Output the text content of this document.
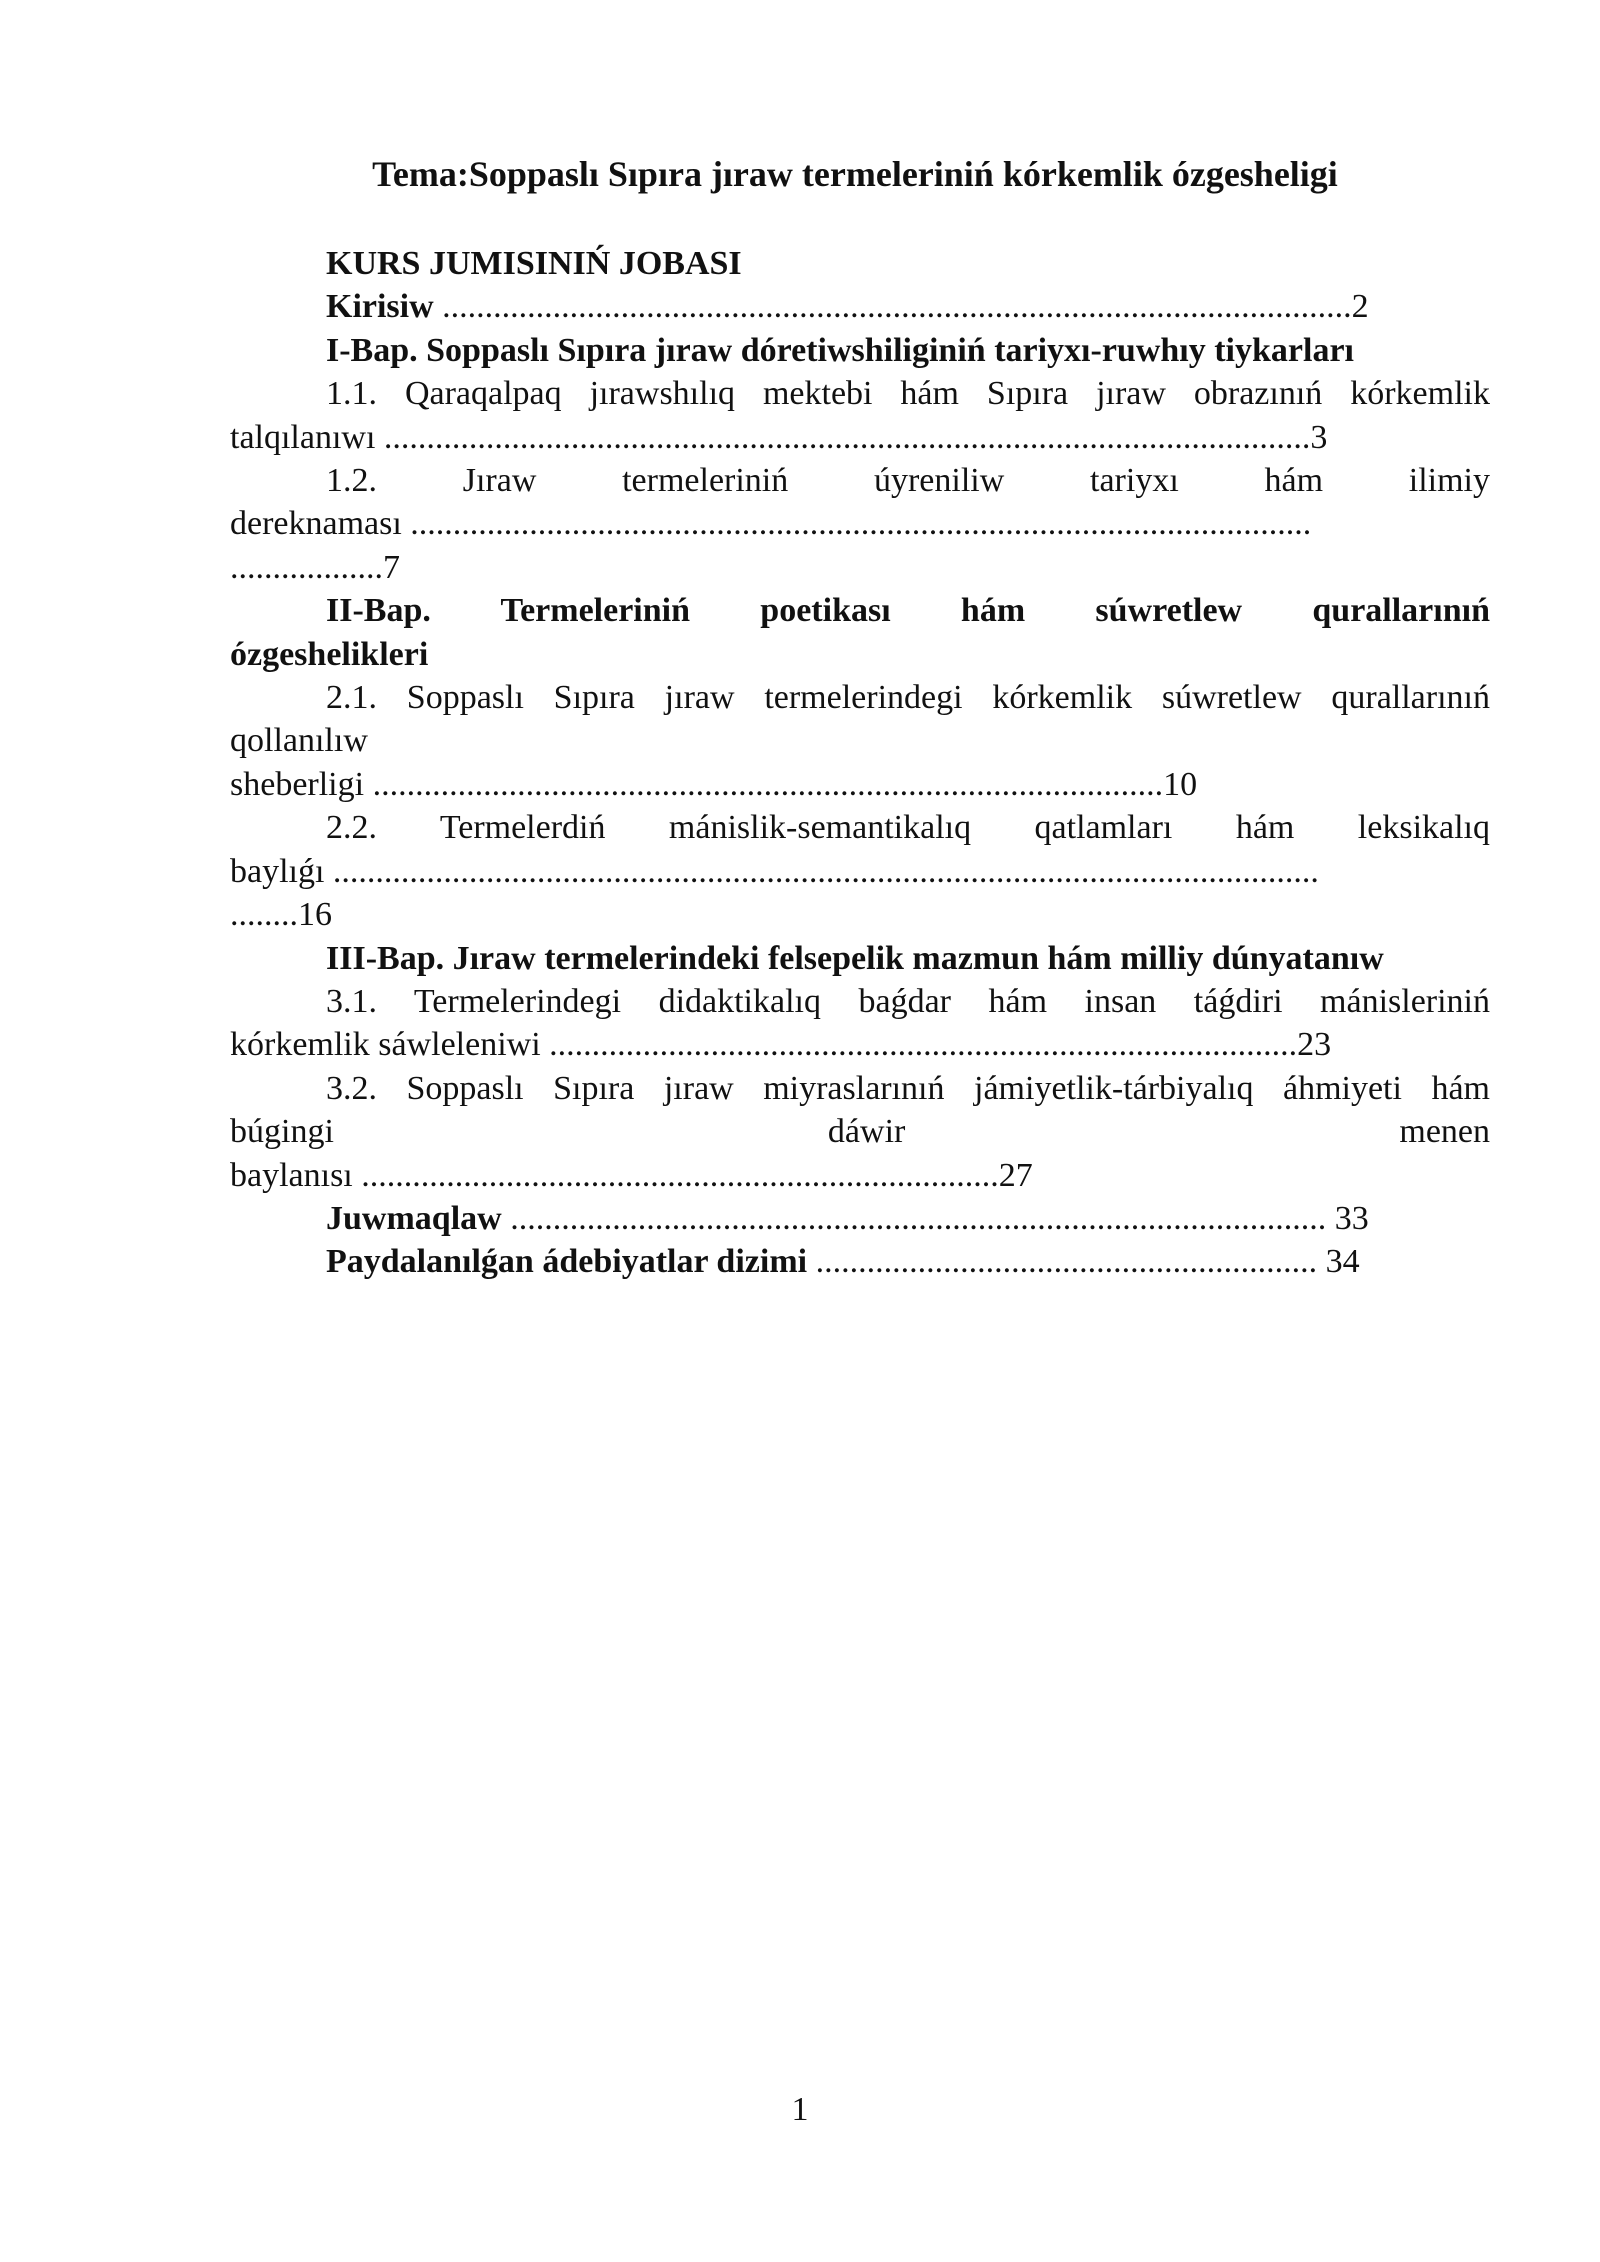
Tema:Soppaslı Sıpıra jıraw termeleriniń kórkemlik ózgesheligi

KURS JUMISINIŃ JOBASI

Kirisiw ...........................................................................................................2

I-Bap. Soppaslı Sıpıra jıraw dóretiwshiliginiń tariyxı-ruwhıy tiykarları

1.1. Qaraqalpaq jırawshılıq mektebi hám Sıpıra jıraw obrazınıń kórkemlik

talqılanıwı .............................................................................................................3

1.2. Jıraw termeleriniń úyreniliw tariyxı hám ilimiy

dereknaması ..........................................................................................................

..................7

II-Bap. Termeleriniń poetikası hám súwretlew qurallarınıń

ózgeshelikleri

2.1. Soppaslı Sıpıra jıraw termelerindegi kórkemlik súwretlew qurallarınıń

qollanılıw

sheberligi .............................................................................................10

2.2. Termelerdiń mánislik-semantikalıq qatlamları hám leksikalıq

baylıǵı ....................................................................................................................

........16

III-Bap. Jıraw termelerindeki felsepelik mazmun hám milliy dúnyatanıw

3.1. Termelerindegi didaktikalıq baǵdar hám insan táǵdiri mánisleriniń

kórkemlik sáwleleniwi ........................................................................................23

3.2. Soppaslı Sıpıra jıraw miyraslarınıń jámiyetlik-tárbiyalıq áhmiyeti hám

búgingi dáwir menen

baylanısı ...........................................................................27

Juwmaqlaw ................................................................................................ 33

Paydalanılǵan ádebiyatlar dizimi ........................................................... 34

1
